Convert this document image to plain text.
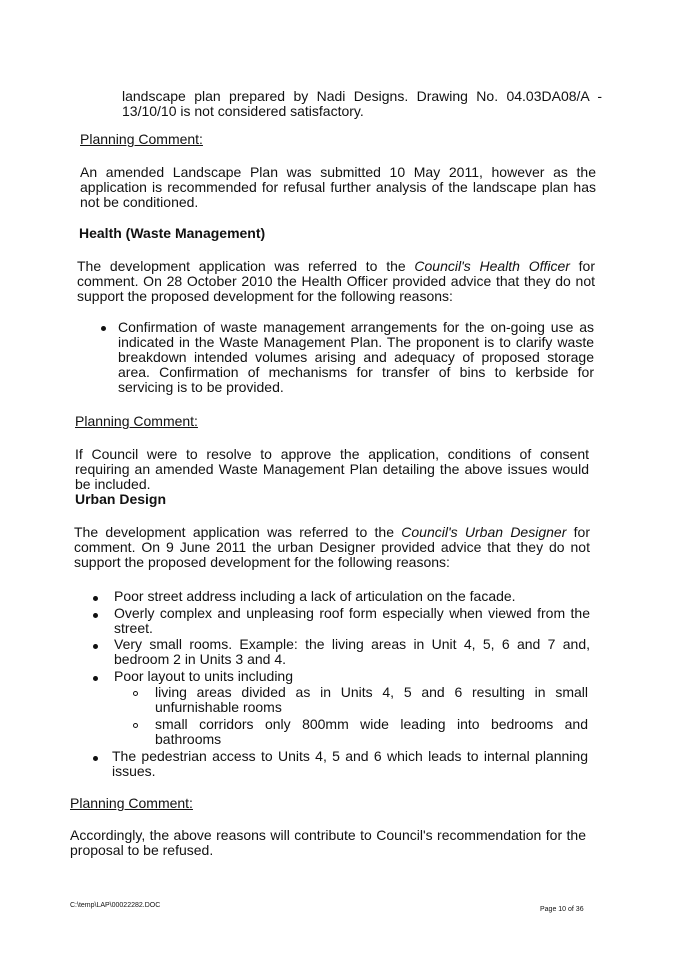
landscape plan prepared by Nadi Designs. Drawing No. 04.03DA08/A - 13/10/10 is not considered satisfactory.
Planning Comment:
An amended Landscape Plan was submitted 10 May 2011, however as the application is recommended for refusal further analysis of the landscape plan has not be conditioned.
Health (Waste Management)
The development application was referred to the Council's Health Officer for comment. On 28 October 2010 the Health Officer provided advice that they do not support the proposed development for the following reasons:
Confirmation of waste management arrangements for the on-going use as indicated in the Waste Management Plan. The proponent is to clarify waste breakdown intended volumes arising and adequacy of proposed storage area. Confirmation of mechanisms for transfer of bins to kerbside for servicing is to be provided.
Planning Comment:
If Council were to resolve to approve the application, conditions of consent requiring an amended Waste Management Plan detailing the above issues would be included.
Urban Design
The development application was referred to the Council's Urban Designer for comment. On 9 June 2011 the urban Designer provided advice that they do not support the proposed development for the following reasons:
Poor street address including a lack of articulation on the facade.
Overly complex and unpleasing roof form especially when viewed from the street.
Very small rooms. Example: the living areas in Unit 4, 5, 6 and 7 and, bedroom 2 in Units 3 and 4.
Poor layout to units including
living areas divided as in Units 4, 5 and 6 resulting in small unfurnishable rooms
small corridors only 800mm wide leading into bedrooms and bathrooms
The pedestrian access to Units 4, 5 and 6 which leads to internal planning issues.
Planning Comment:
Accordingly, the above reasons will contribute to Council's recommendation for the proposal to be refused.
C:\temp\LAP\00022282.DOC
Page 10 of 36
